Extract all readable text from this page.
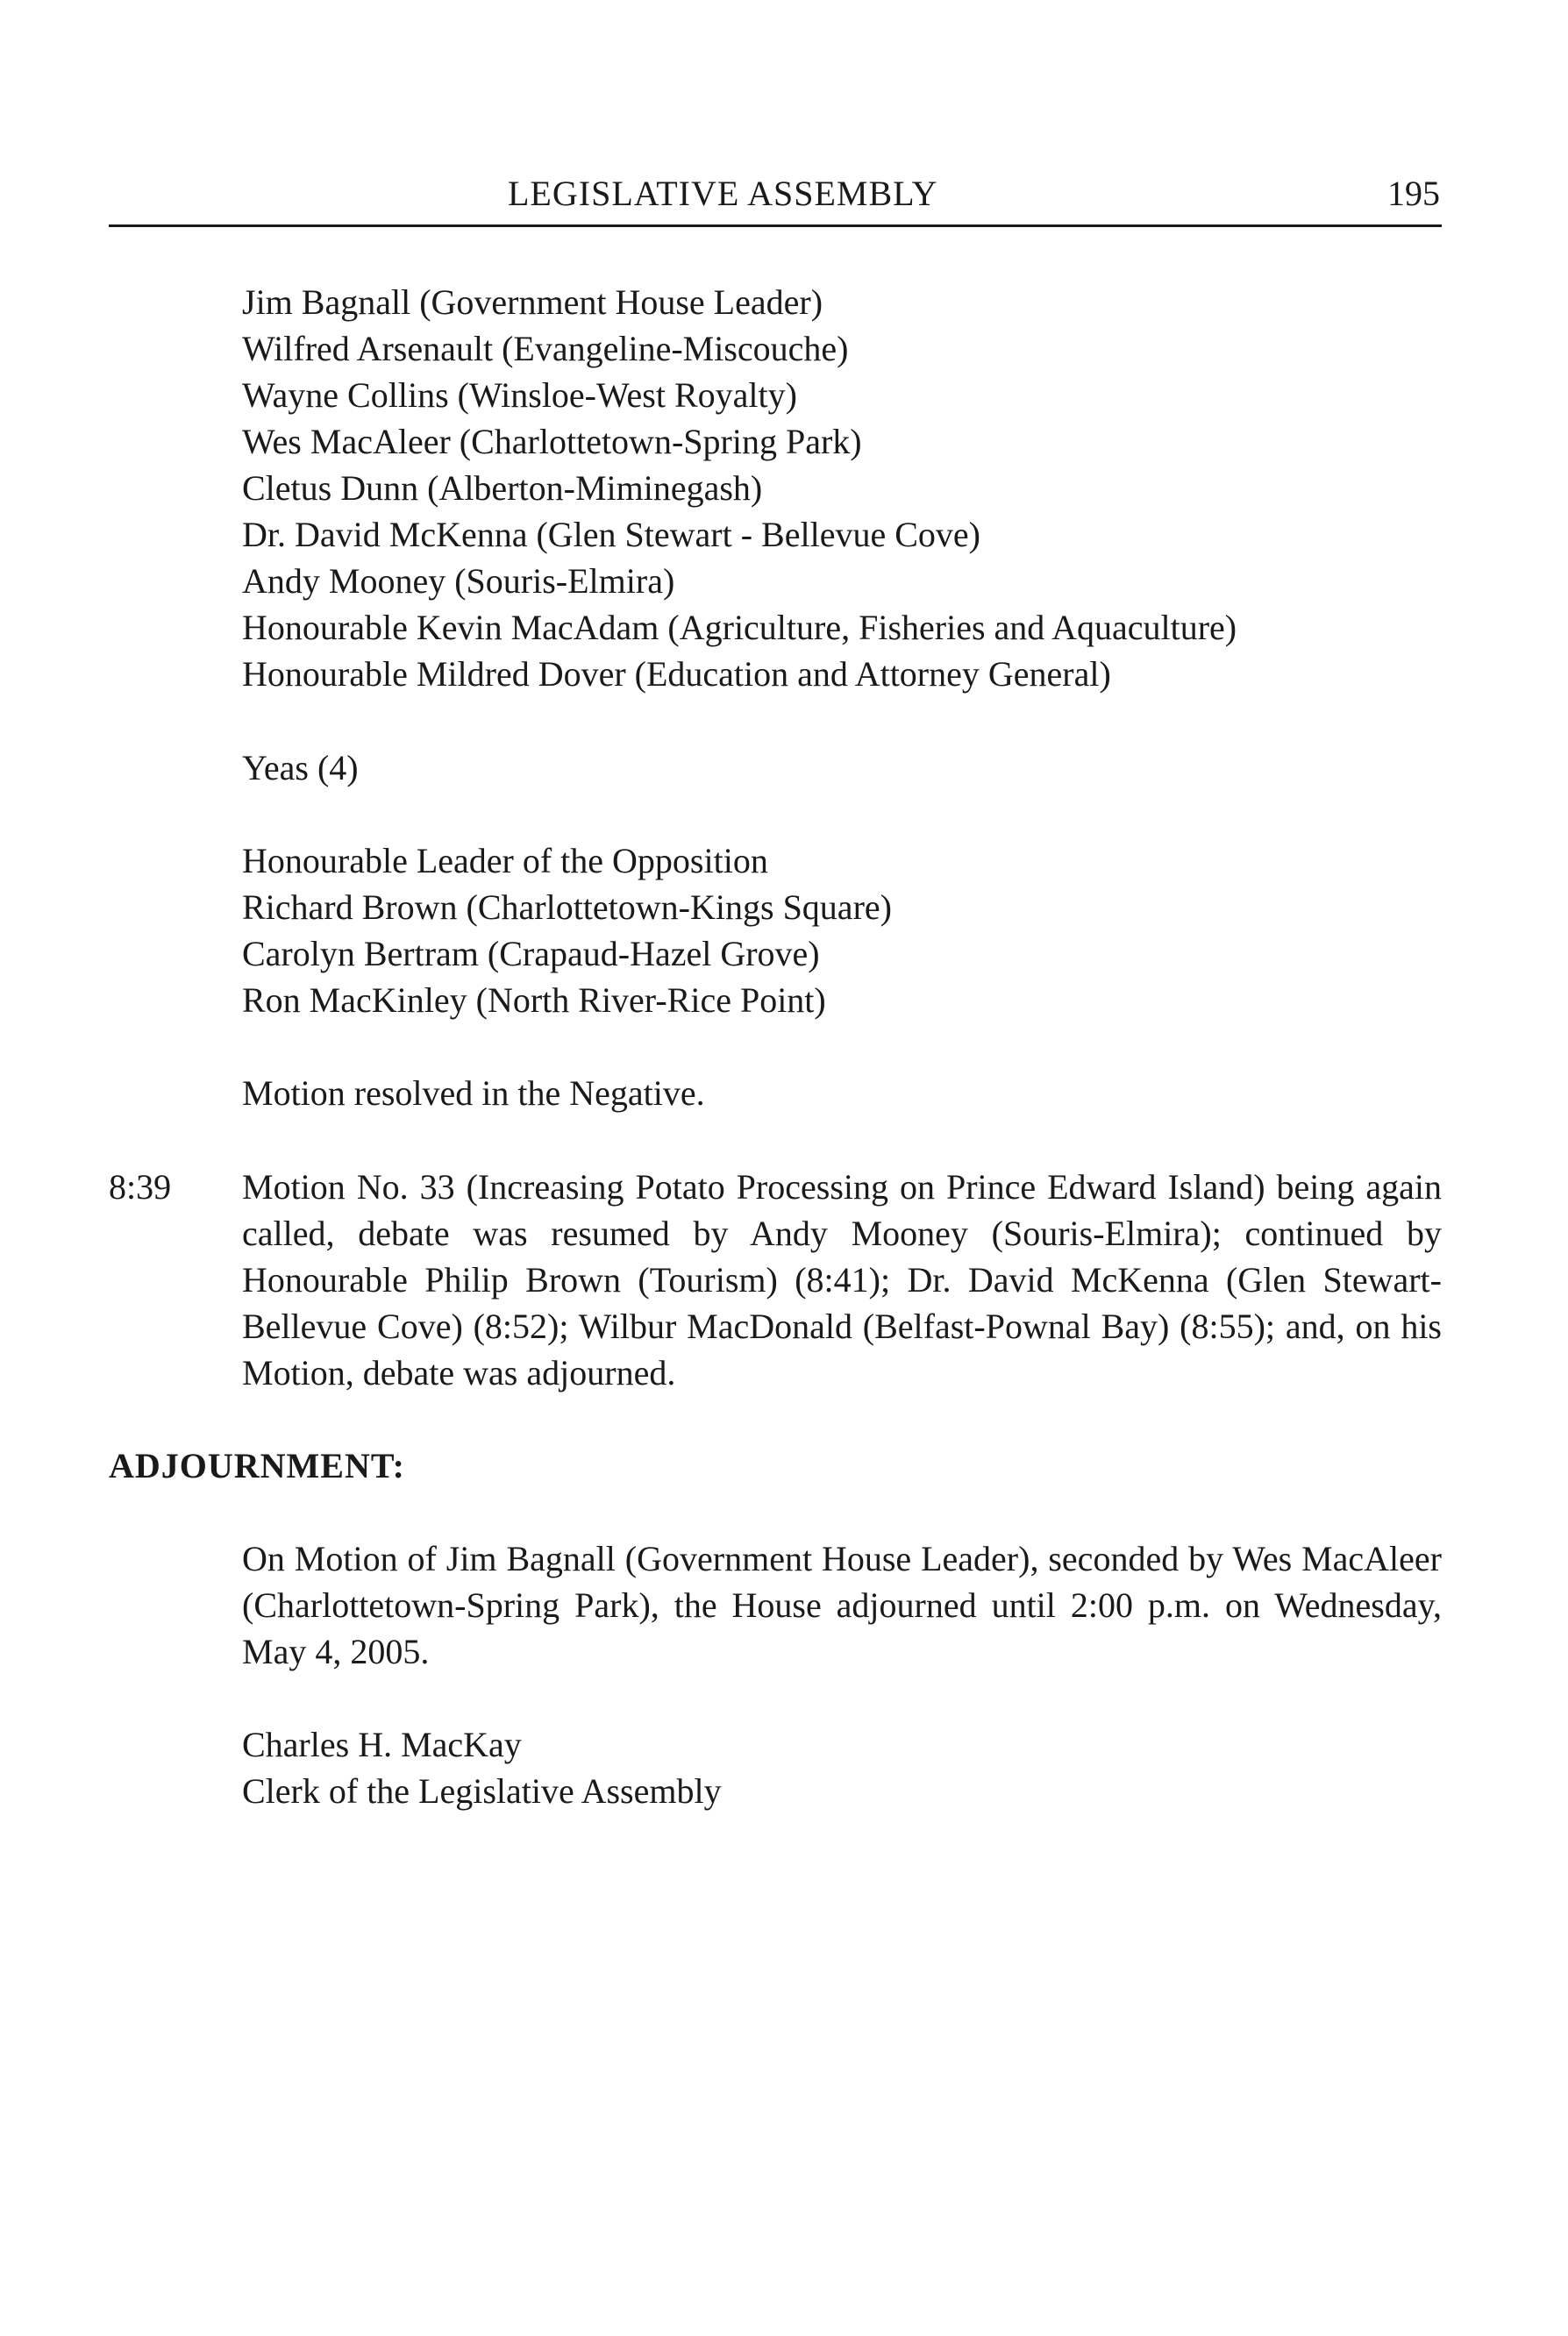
LEGISLATIVE ASSEMBLY	195
Jim Bagnall (Government House Leader)
Wilfred Arsenault (Evangeline-Miscouche)
Wayne Collins (Winsloe-West Royalty)
Wes MacAleer (Charlottetown-Spring Park)
Cletus Dunn (Alberton-Miminegash)
Dr. David McKenna (Glen Stewart - Bellevue Cove)
Andy Mooney (Souris-Elmira)
Honourable Kevin MacAdam (Agriculture, Fisheries and Aquaculture)
Honourable Mildred Dover (Education and Attorney General)
Yeas (4)
Honourable Leader of the Opposition
Richard Brown (Charlottetown-Kings Square)
Carolyn Bertram (Crapaud-Hazel Grove)
Ron MacKinley (North River-Rice Point)
Motion resolved in the Negative.
8:39 Motion No. 33 (Increasing Potato Processing on Prince Edward Island) being again called, debate was resumed by Andy Mooney (Souris-Elmira); continued by Honourable Philip Brown (Tourism) (8:41); Dr. David McKenna (Glen Stewart-Bellevue Cove) (8:52); Wilbur MacDonald (Belfast-Pownal Bay) (8:55); and, on his Motion, debate was adjourned.
ADJOURNMENT:
On Motion of Jim Bagnall (Government House Leader), seconded by Wes MacAleer (Charlottetown-Spring Park), the House adjourned until 2:00 p.m. on Wednesday, May 4, 2005.
Charles H. MacKay
Clerk of the Legislative Assembly
